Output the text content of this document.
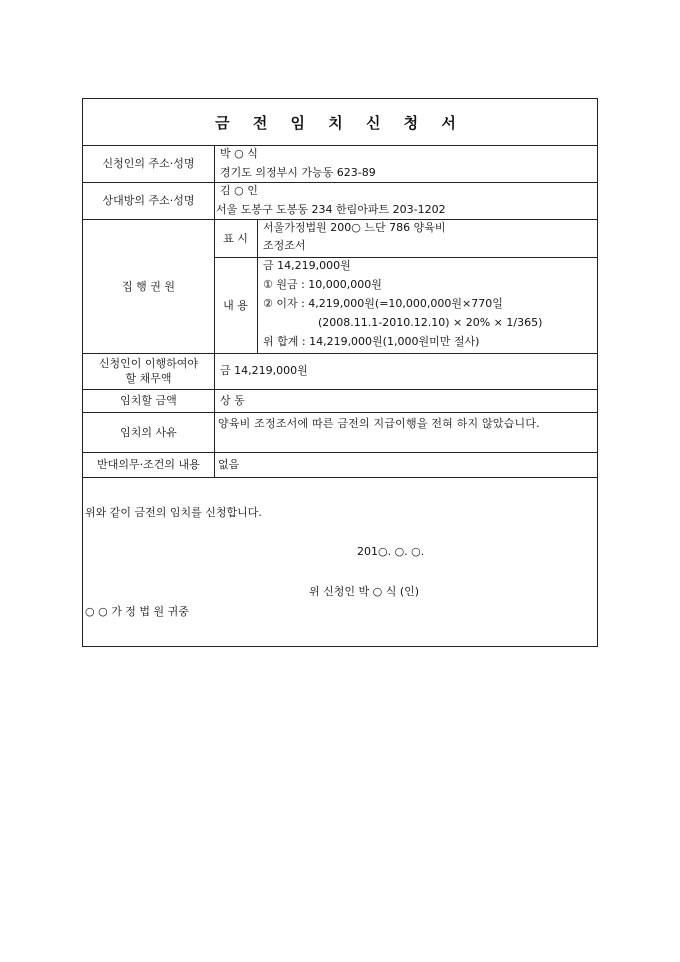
금 전 임 치 신 청 서
신청인의 주소·성명
박 ○ 식
경기도 의정부시 가능동 623-89
상대방의 주소·성명
김 ○ 인
서울 도봉구 도봉동 234 한림아파트 203-1202
집 행 권 원
표 시
서울가정법원 200○ 느단 786 양육비
조정조서
내 용
금 14,219,000원
① 원금 : 10,000,000원
② 이자 : 4,219,000원(=10,000,000원×770일
(2008.11.1-2010.12.10) × 20% × 1/365)
위 합계 : 14,219,000원(1,000원미만 절사)
신청인이 이행하여야
할 채무액
금 14,219,000원
임치할 금액	상 동
임치의 사유
양육비 조정조서에 따른 금전의 지급이행을 전혀 하지 않았습니다.
반대의무·조건의 내용	없음
위와 같이 금전의 임치를 신청합니다.
201○. ○. ○.
위 신청인 박 ○ 식 (인)
○ ○ 가 정 법 원 귀중
